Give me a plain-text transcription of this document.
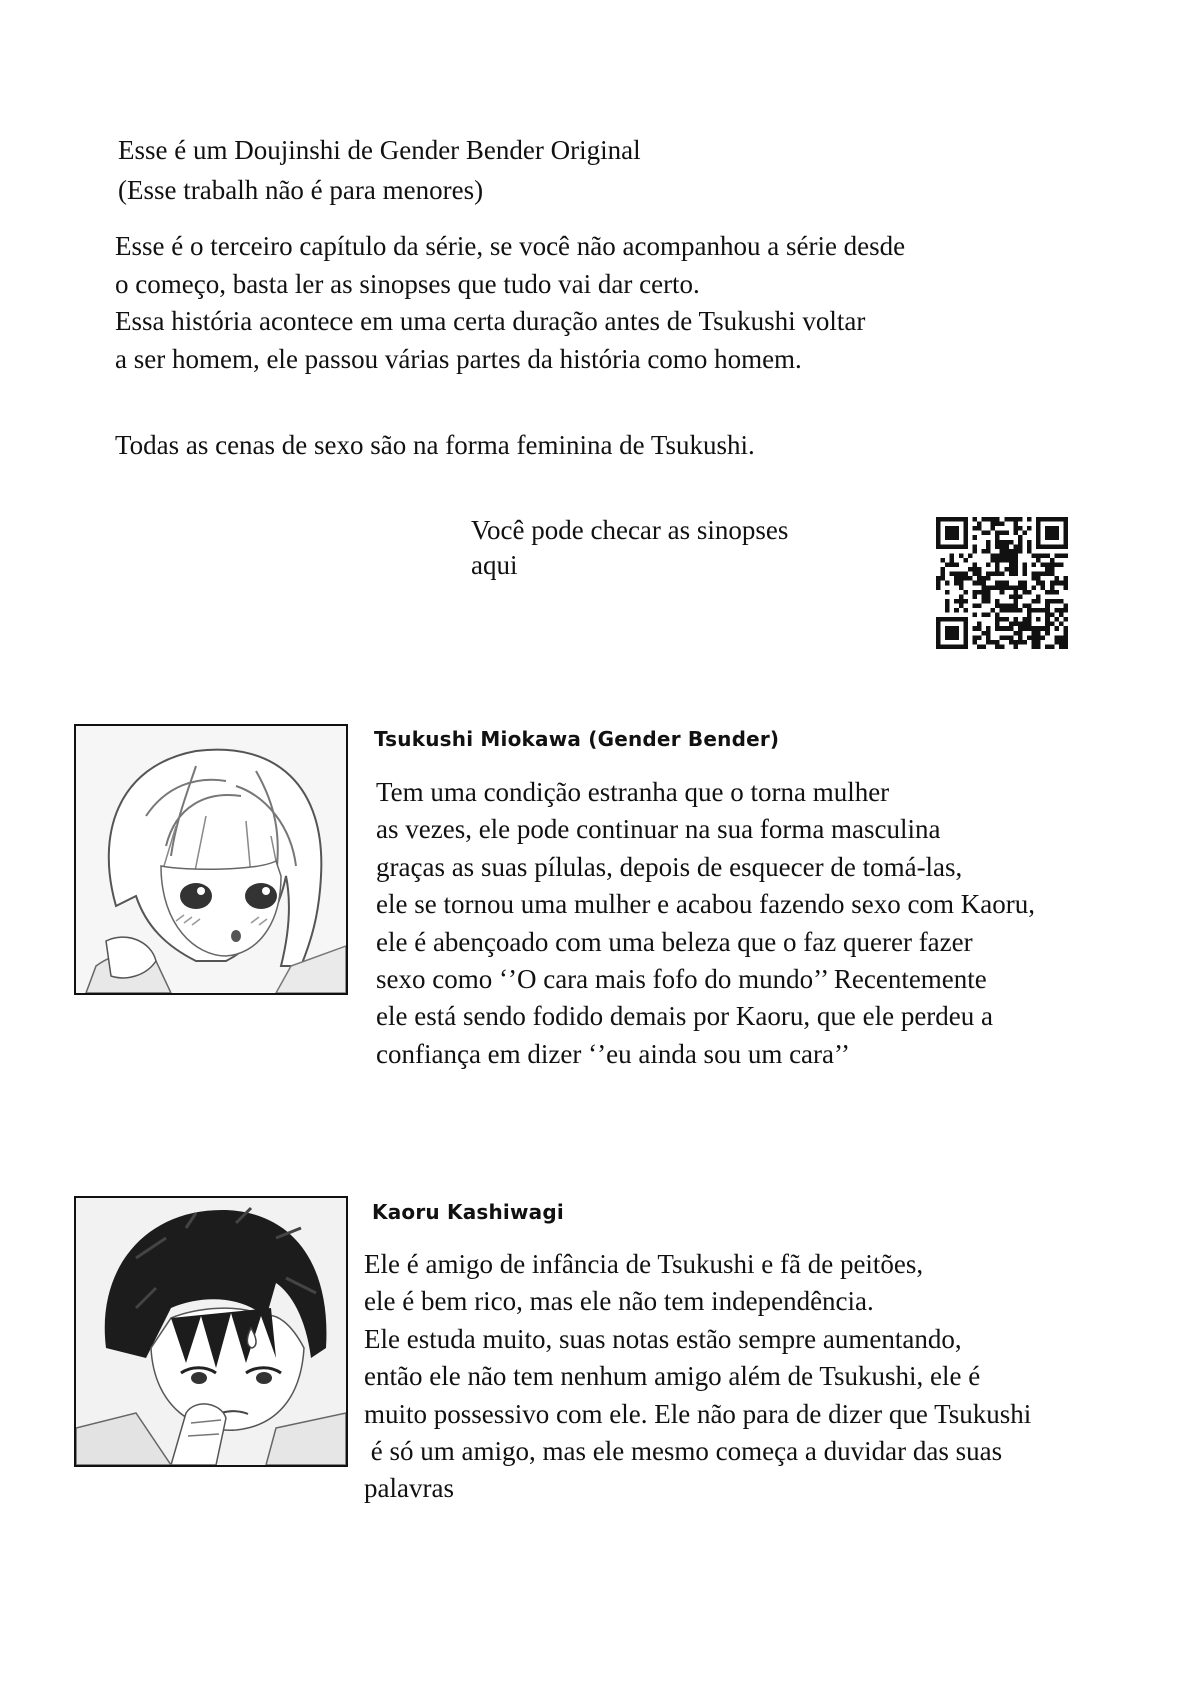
Esse é um Doujinshi de Gender Bender Original
(Esse trabalh não é para menores)
Esse é o terceiro capítulo da série, se você não acompanhou a série desde
o começo, basta ler as sinopses que tudo vai dar certo.
Essa história acontece em uma certa duração antes de Tsukushi voltar
a ser homem, ele passou várias partes da história como homem.
Todas as cenas de sexo são na forma feminina de Tsukushi.
Você pode checar as sinopses
aqui
Tsukushi Miokawa (Gender Bender)
Tem uma condição estranha que o torna mulher
as vezes, ele pode continuar na sua forma masculina
graças as suas pílulas, depois de esquecer de tomá-las,
ele se tornou uma mulher e acabou fazendo sexo com Kaoru,
ele é abençoado com uma beleza que o faz querer fazer
sexo como ‘’O cara mais fofo do mundo’’ Recentemente
ele está sendo fodido demais por Kaoru, que ele perdeu a
confiança em dizer ‘’eu ainda sou um cara’’
Kaoru Kashiwagi
Ele é amigo de infância de Tsukushi e fã de peitões,
ele é bem rico, mas ele não tem independência.
Ele estuda muito, suas notas estão sempre aumentando,
então ele não tem nenhum amigo além de Tsukushi, ele é
muito possessivo com ele. Ele não para de dizer que Tsukushi
é só um amigo, mas ele mesmo começa a duvidar das suas
palavras
